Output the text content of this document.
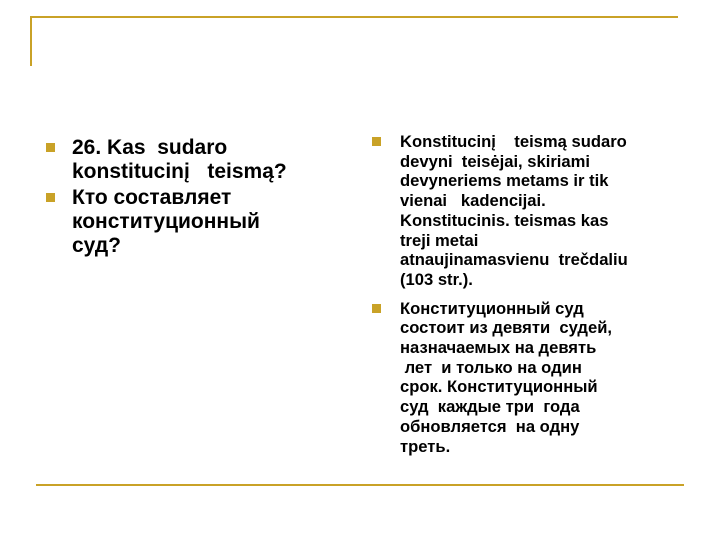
26. Kas  sudaro
konstitucinį   teismą?
Кто составляет
конституционный
суд?
Konstitucinį    teismą sudaro
devyni  teisėjai, skiriami
devyneriems metams ir tik
vienai   kadencijai.
Konstitucinis. teismas kas
treji metai
atnaujinamasvienu  trečdaliu
(103 str.).
Конституционный суд
состоит из девяти  судей,
назначаемых на девять
лет  и только на один
срок. Конституционный
суд  каждые три  года
обновляется  на одну
треть.
